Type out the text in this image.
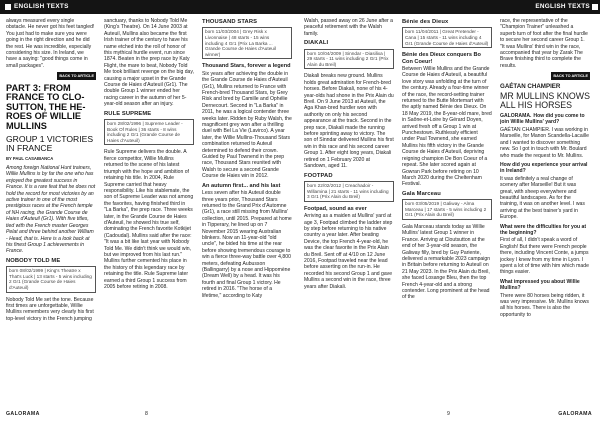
ENGLISH TEXTS

always measured every single obstacle. He never got his feet tangled! You just had to make sure you were going in the right direction and he did the rest. He was incredible, especially considering his size. In Ireland, we have a saying: "good things come in small packages".

BACK TO ARTICLE
PART 3: FROM FRANCE TO CLO- SUTTON, THE HE- ROES OF WILLIE MULLINS
GROUP 1 VICTORIES IN FRANCE
BY PAUL CASABIANCA

Among foreign National Hunt trainers, Willie Mullins is by far the one who has enjoyed the greatest success in France. It is a rare feat that he does not hold the record for most victories by an active trainer in one of the most prestigious races at the French temple of NH racing, the Grande Course de Haies d'Auteuil (Gr1). With five titles, tied with the French master Georges Pelat and three behind another William - Head, that is. Here is a look back at his finest Group 1 achievements in France.

NOBODY TOLD ME
born 08/02/1999 | King's Theatre x That's Luck | 13 starts - 5 wins including 2 Gr1 (Grande Course de Haies d'Auteuil)

Nobody Told Me set the tone. Because first times are unforgettable, Willie Mullins remembers very clearly his first top-level victory in the French jumping

sanctuary, thanks to Nobody Told Me (King's Theatre). On 14 June 2003 at Auteuil, Mullins also became the first Irish trainer of the century to have his name etched into the roll of honor of this mythical hurdle event, run since 1874. Beaten in the prep race by Katy Flight, the mare to beat, Nobody Told Me took brilliant revenge on the big day, causing a major upset in the Grande Course de Haies d'Auteuil (Gr1). The double Group 1 winner ended her racing career in the autumn of her 5-year-old season after an injury.

RULE SUPREME
born 28/02/1996 | Supreme Leader - Book Of Rules | 36 starts - 8 wins including 2 Gr1 (Grande Course de Haies d'Auteuil)

Rule Supreme delivers the double. A fierce competitor, Willie Mullins returned to the scene of his latest triumph with the hope and ambition of retaining his title. In 2004, Rule Supreme carried that heavy responsibility. Like his stablemate, the son of Supreme Leader was not among the favorites, having finished third in "La Barka", the prep race. Three weeks later, in the Grande Course de Haies d'Auteuil, he showed his true self, dominating the French favorite Kotkijet (Cadoudal). Mullins said after the race: "It was a bit like last year with Nobody Told Me. We didn't think we would win, but we improved from his last run." Mullins further cemented his place in the history of this legendary race by retaining the title. Rule Supreme later earned a third Group 1 success from 2005 before retiring in 2008.

THOUSAND STARS
born 11/03/2004 | Grey Risk x Livonnaise | 48 starts - 15 wins including 4 Gr1 (Prix La Barka ... Grande Course de Haies d'Auteuil winner)
Thousand Stars, forever a legend

Six years after achieving the double in the Grande Course de Haies d'Auteuil (Gr1), Mullins returned to France with French-bred Thousand Stars, by Grey Risk and bred by Camille and Ophélie Dernecourt. Second in "La Barka" in 2011, he was a logical contender three weeks later. Ridden by Ruby Walsh, the magnificent grey won after a thrilling duel with Bel La Vie (Lavirco). A year later, the Willie Mullins-Thousand Stars combination returned to Auteuil determined to defend their crown. Guided by Paul Townend in the prep race, Thousand Stars reunited with Walsh to secure a second Grande Course de Haies win in 2012.

An autumn first... and his last

Less seven after his Auteuil double three years prior, Thousand Stars returned to the Grand Prix d'Automne (Gr1), a race still missing from Mullins' collection, until 2015. Prepared at home in Tipperary, he lined up on 7 November 2015 wearing Australian blinkers. Now an 11-year-old "old uncle", he bided his time at the rear before showing tremendous courage to win a fierce three-way battle over 4,800 meters, defeating Aubusson (Ballingarry) by a nose and Hippomène (Dream Well) by a head. It was his fourth and final Group 1 victory. He retired in 2016. "The horse of a lifetime," according to Katy

GALORAMA	8
ENGLISH TEXTS

Walsh, passed away on 26 June after a peaceful retirement with the Walsh family.

DIAKALI
born 10/04/2009 | Sinndar - Diasilixa | 29 starts - 11 wins including 2 Gr1 (Prix Alain du Breil)

Diakali breaks new ground. Mullins holds great admiration for French-bred horses. Before Diakali, none of his 4-year-olds had shone in the Prix Alain du Breil. On 9 June 2013 at Auteuil, the Aga Khan-bred hurdler won with authority on only his second appearance at the track. Second in the prep race, Diakali made the running before sprinting away to victory. The son of Sinndar delivered Mullins his first win in this race and his second career Group 1. After eight long years, Diakali retired on 1 February 2020 at Sandown, aged 11.

FOOTPAD
born 22/02/2012 | Creachadoir - Willamina | 21 starts - 11 wins including 3 Gr1 (Prix Alain du Breil)
Footpad, sound as ever

Arriving as a maiden at Mullins' yard at age 3, Footpad climbed the ladder step by step before returning to his native country a year later. After beating Device, the top French 4-year-old, he was the clear favorite in the Prix Alain du Breil. Sent off at 4/10 on 12 June 2016, Footpad traveled near the lead before asserting on the run-in. He recorded his second Group 1 and gave Mullins a second win in the race, three years after Diakali.

Bénie des Dieux
born 11/04/2011 | Great Pretender - Cana | 15 starts - 11 wins including 4 Gr1 (Grande Course de Haies d'Auteuil)
Bénie des Dieux conquers Bo Con Coeur!

Between Willie Mullins and the Grande Course de Haies d'Auteuil, a beautiful love story was unfolding at the turn of the century. Already a four-time winner of the race, the record-setting trainer returned to the Butte Mortemart with the aptly named Bénie des Dieux. On 18 May 2019, the 8-year-old mare, bred in Saône-et-Loire by Gérard Doyen, arrived fresh off a Group 1 win at Punchestown. Ruthlessly efficient under Paul Townend, she earned Mullins his fifth victory in the Grande Course de Haies d'Auteuil, depriving reigning champion De Bon Coeur of a repeat. She later scored again at Gowran Park before retiring on 10 March 2020 during the Cheltenham Festival.

Gala Marceau
born 03/05/2019 | Galiway - Alma Marceau | 17 starts - 5 wins including 2 Gr1 (Prix Alain du Breil)

Gala Marceau stands today as Willie Mullins' latest Group 1 winner in France. Arriving at Cloutsutton at the end of her 3-year-old season, the Galiway filly, bred by Guy Pariente, delivered a remarkable 2023 campaign in Britain before returning to Auteuil on 21 May 2023. In the Prix Alain du Breil, she faced Losange Bleu, then the top French 4-year-old and a strong contender. Long prominent at the head of the

race, the representative of the "Champion Trainer" unleashed a superb turn of foot after the final hurdle to secure her second career Group 1. "It was Mullins' third win in the race, accompanied that year by Zarak The Brave finishing third to complete the results.

BACK TO ARTICLE
GAÉTAN CHAMPIER
MR MULLINS KNOWS ALL HIS HORSES

GALORAMA. How did you come to join Willie Mullins' yard?

GAÉTAN CHAMPIER. I was working in Marseille, for Manon Scandella-Lacaille and I wanted to discover something new. So I got in touch with Mr. Boulard who made the request to Mr. Mullins.

How did you experience your arrival in Ireland?

It was definitely a real change of scenery after Marseille! But it was great, with sheep everywhere and beautiful landscapes. As for the training, it was on another level. I was arriving at the best trainer's yard in Europe.

What were the difficulties for you at the beginning?

First of all, I didn't speak a word of English! But there were French people there, including Vincent Conte, a jumps jockey I knew from my time in Lyon. I spent a lot of time with him which made things easier.

What impressed you about Willie Mullins?

There were 80 horses being ridden, it was very impressive. Mr. Mullins knows all his horses. There is also the opportunity to

9	GALORAMA
